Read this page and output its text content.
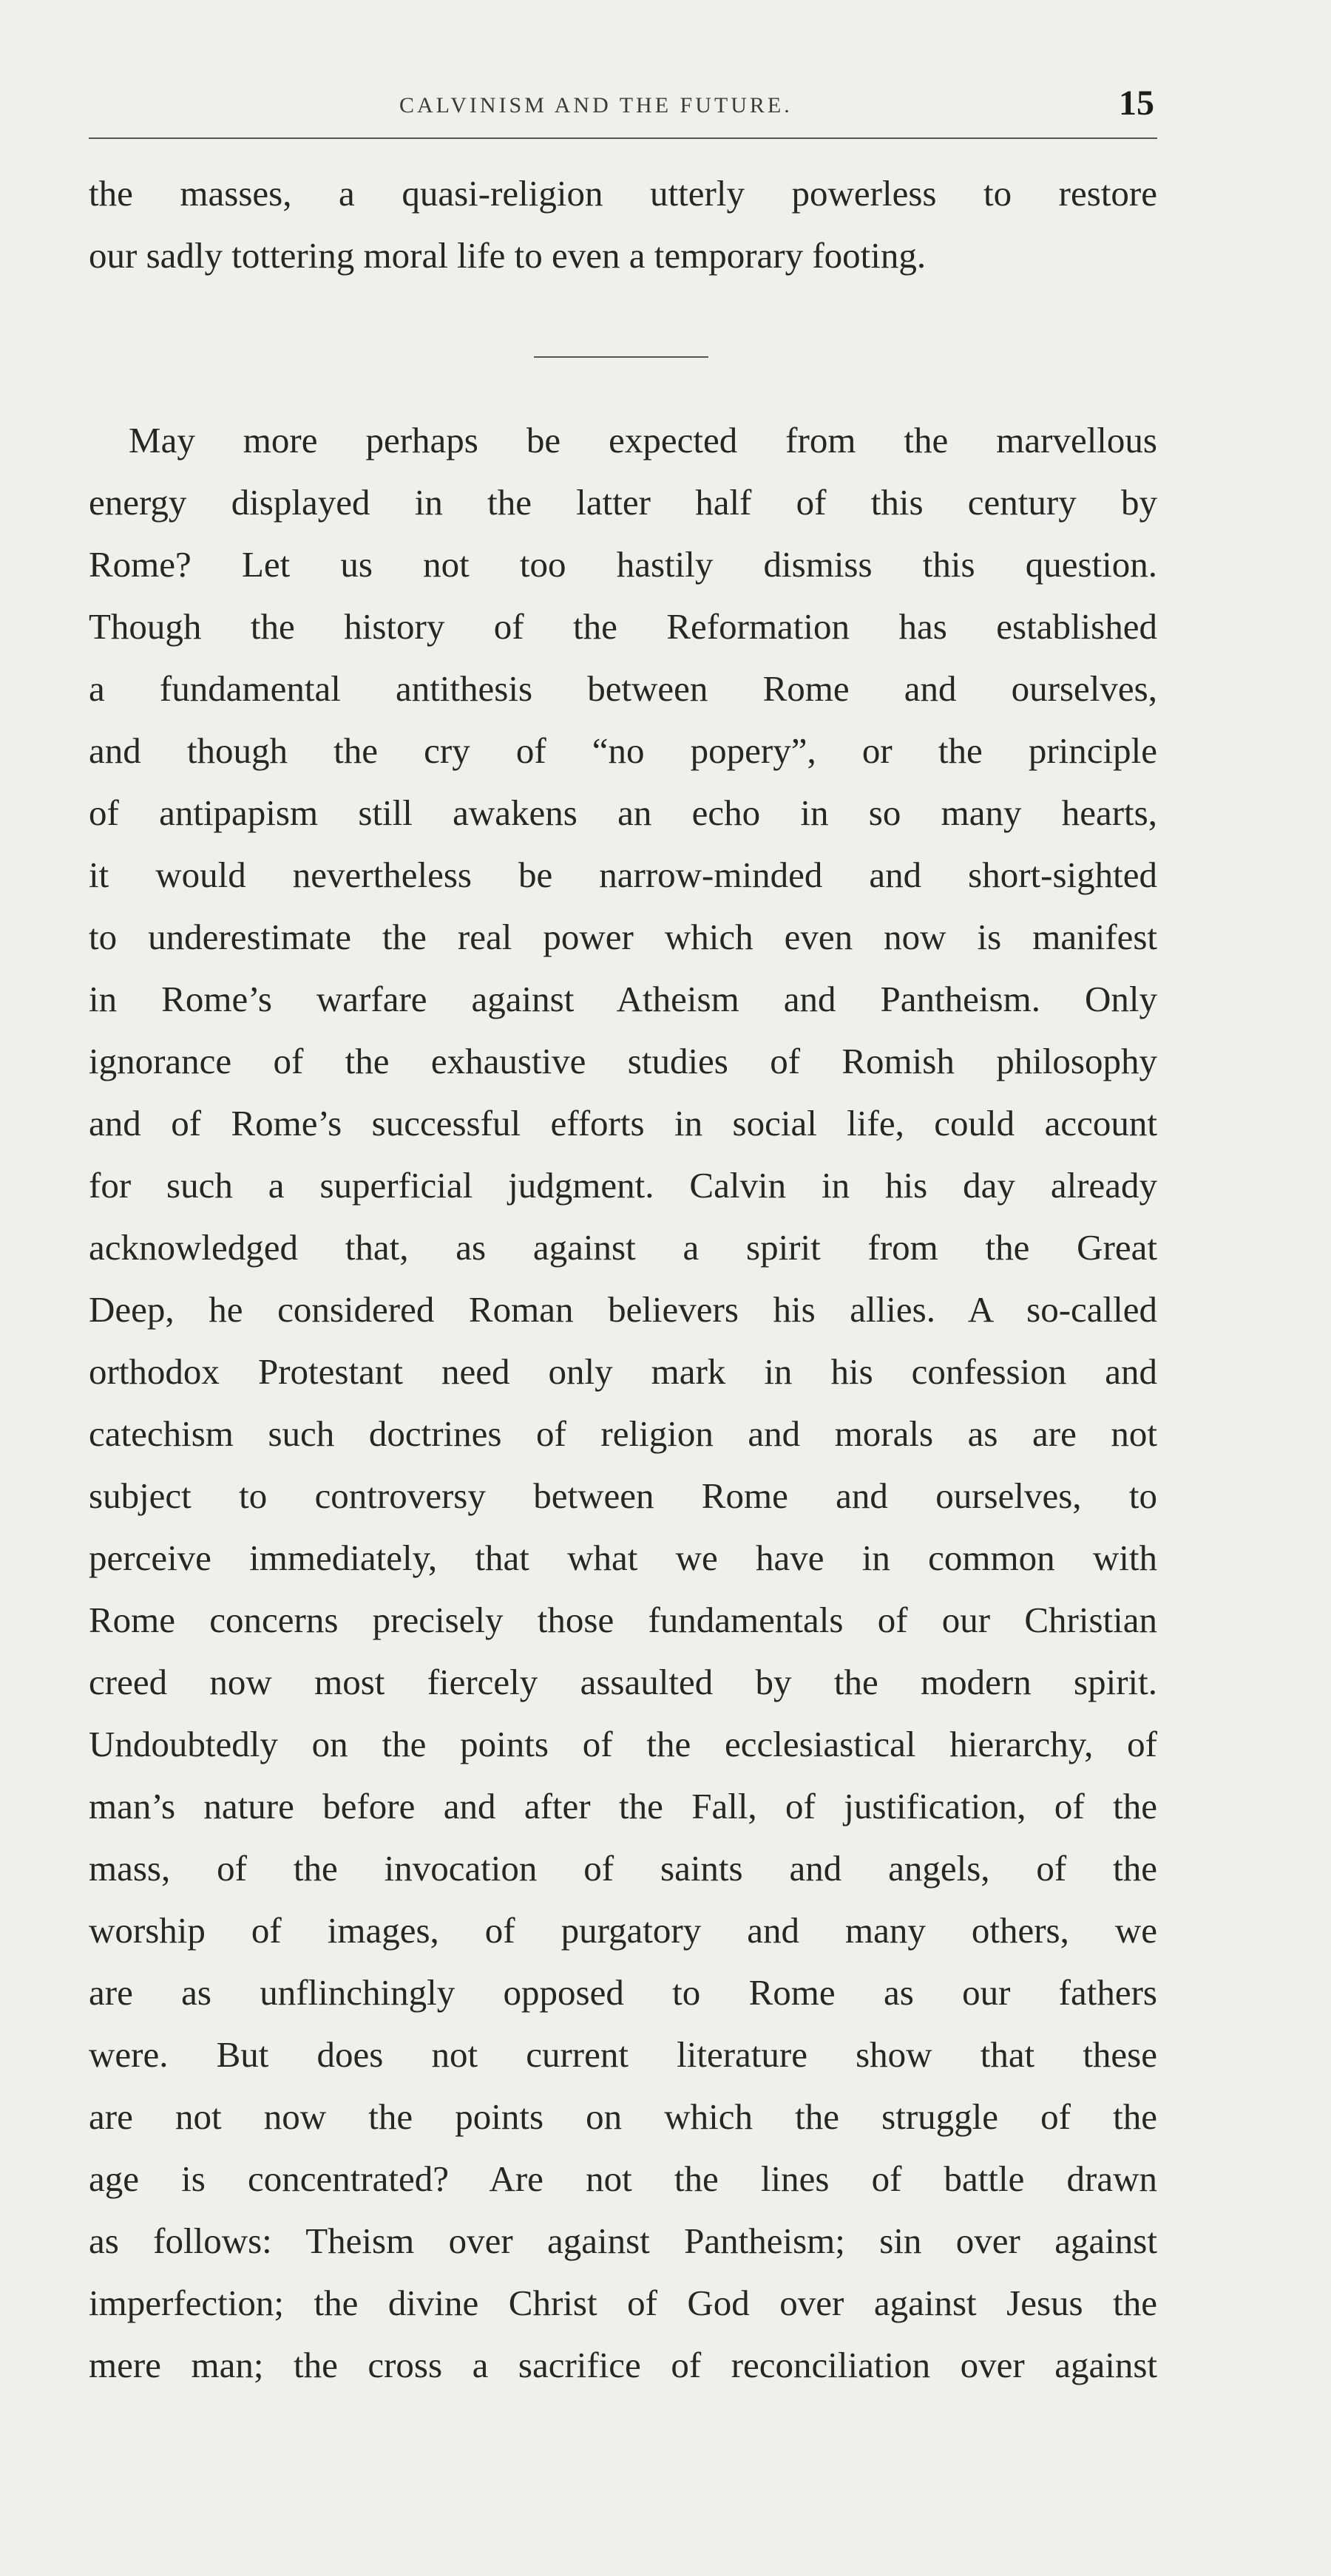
CALVINISM AND THE FUTURE.	15
the masses, a quasi-religion utterly powerless to restore
our sadly tottering moral life to even a temporary footing.
May more perhaps be expected from the marvellous
energy displayed in the latter half of this century by
Rome? Let us not too hastily dismiss this question.
Though the history of the Reformation has established
a fundamental antithesis between Rome and ourselves,
and though the cry of “no popery”, or the principle
of antipapism still awakens an echo in so many hearts,
it would nevertheless be narrow-minded and short-sighted
to underestimate the real power which even now is manifest
in Rome’s warfare against Atheism and Pantheism. Only
ignorance of the exhaustive studies of Romish philosophy
and of Rome’s successful efforts in social life, could account
for such a superficial judgment. Calvin in his day already
acknowledged that, as against a spirit from the Great
Deep, he considered Roman believers his allies. A so-called
orthodox Protestant need only mark in his confession and
catechism such doctrines of religion and morals as are not
subject to controversy between Rome and ourselves, to
perceive immediately, that what we have in common with
Rome concerns precisely those fundamentals of our Christian
creed now most fiercely assaulted by the modern spirit.
Undoubtedly on the points of the ecclesiastical hierarchy, of
man’s nature before and after the Fall, of justification, of the
mass, of the invocation of saints and angels, of the
worship of images, of purgatory and many others, we
are as unflinchingly opposed to Rome as our fathers
were. But does not current literature show that these
are not now the points on which the struggle of the
age is concentrated? Are not the lines of battle drawn
as follows: Theism over against Pantheism; sin over against
imperfection; the divine Christ of God over against Jesus the
mere man; the cross a sacrifice of reconciliation over against
